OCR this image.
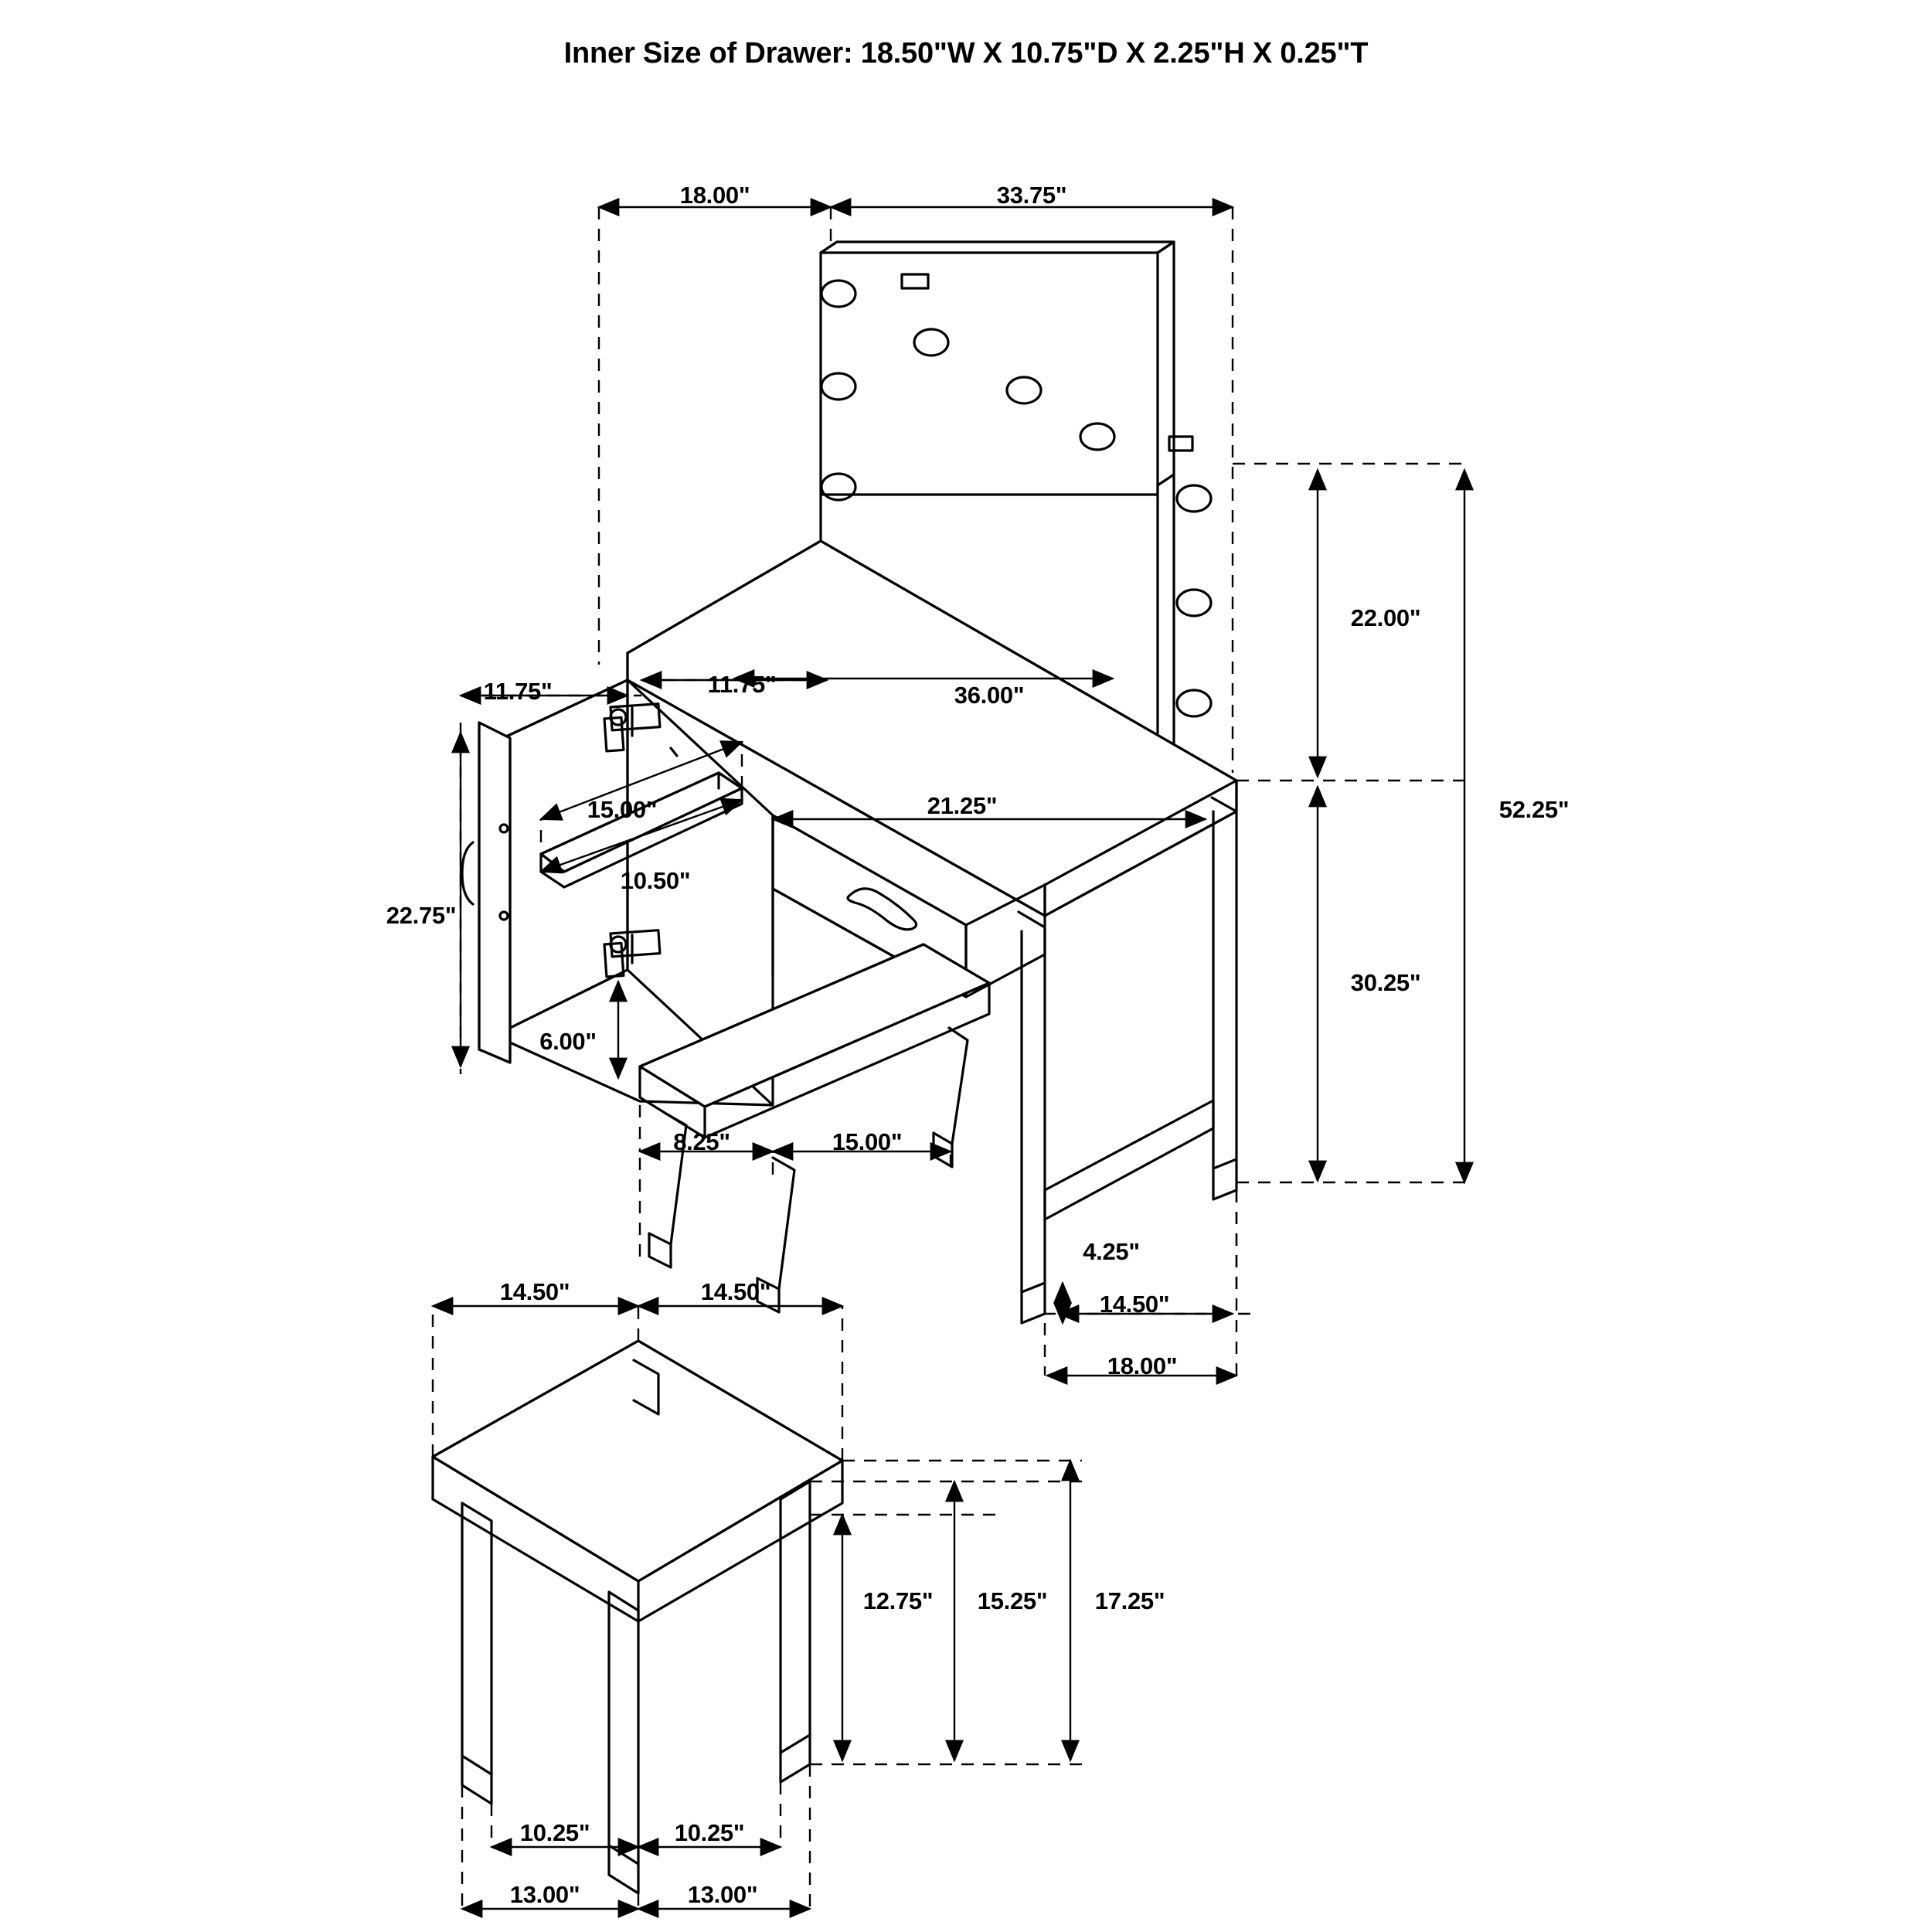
Inner Size of Drawer: 18.50"W X 10.75"D X 2.25"H X 0.25"T
18.00"	33.75"
22.00"
52.25"
30.25"
11.75"	11.75"	36.00"
21.25"
15.00"
10.50"
22.75"
6.00"
8.25"	15.00"
4.25"
14.50"
18.00"
14.50"	14.50"
12.75" 15.25" 17.25"
10.25"	10.25"
13.00"	13.00"
